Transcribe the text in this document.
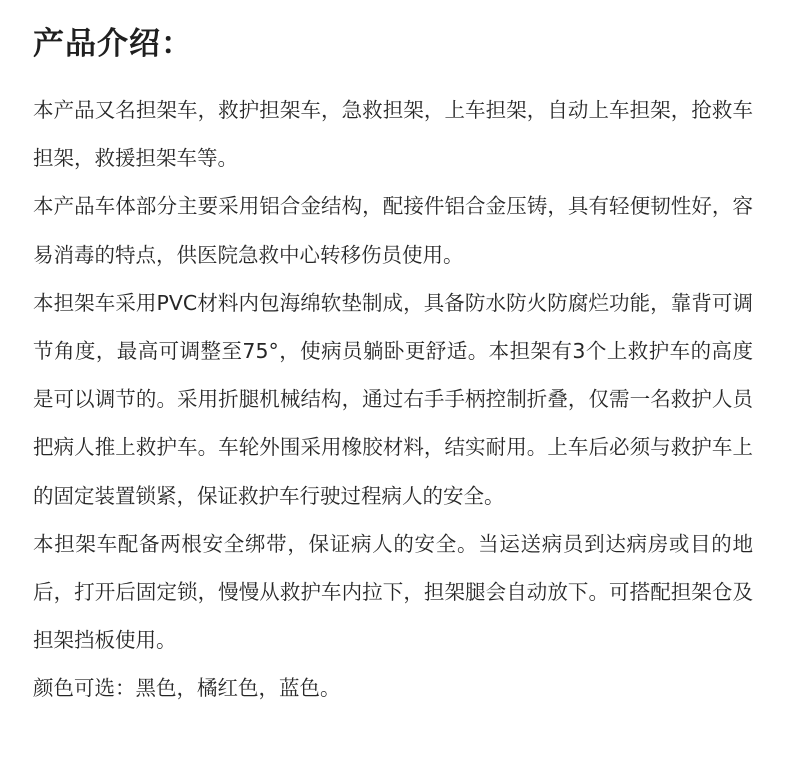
产品介绍：

本产品又名担架车，救护担架车，急救担架，上车担架，自动上车担架，抢救车担架，救援担架车等。

本产品车体部分主要采用铝合金结构，配接件铝合金压铸，具有轻便韧性好，容易消毒的特点，供医院急救中心转移伤员使用。

本担架车采用PVC材料内包海绵软垫制成，具备防水防火防腐烂功能，靠背可调节角度，最高可调整至75°，使病员躺卧更舒适。本担架有3个上救护车的高度是可以调节的。采用折腿机械结构，通过右手手柄控制折叠，仅需一名救护人员把病人推上救护车。车轮外围采用橡胶材料，结实耐用。上车后必须与救护车上的固定装置锁紧，保证救护车行驶过程病人的安全。

本担架车配备两根安全绑带，保证病人的安全。当运送病员到达病房或目的地后，打开后固定锁，慢慢从救护车内拉下，担架腿会自动放下。可搭配担架仓及担架挡板使用。

颜色可选：黑色，橘红色，蓝色。
